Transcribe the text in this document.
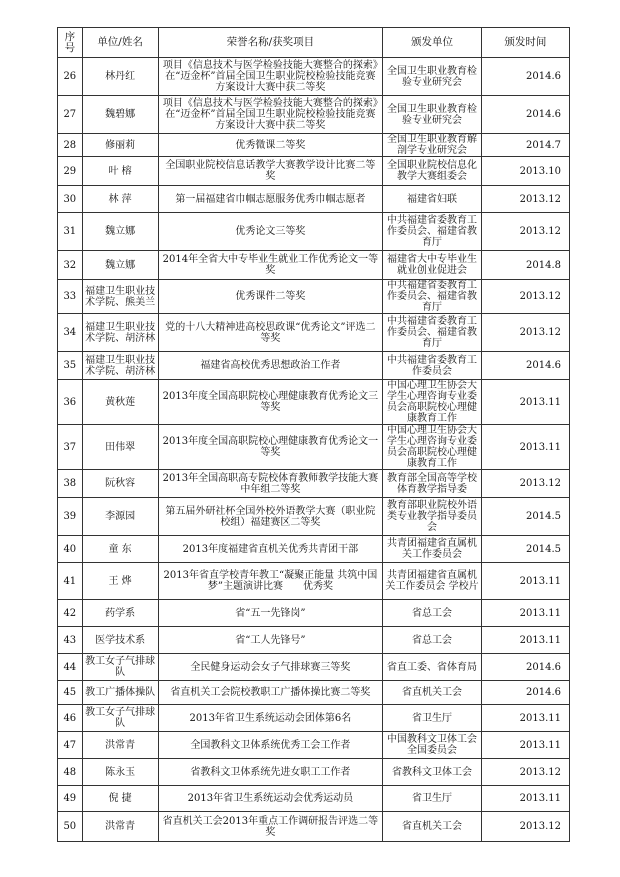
序号	单位/姓名	荣誉名称/获奖项目	颁发单位	颁发时间
26	林丹红	项目《信息技术与医学检验技能大赛整合的探索》在“迈金杯”首届全国卫生职业院校检验技能竞赛方案设计大赛中获二等奖	全国卫生职业教育检验专业研究会	2014.6
27	魏碧娜	项目《信息技术与医学检验技能大赛整合的探索》在“迈金杯”首届全国卫生职业院校检验技能竞赛方案设计大赛中获二等奖	全国卫生职业教育检验专业研究会	2014.6
28	修丽莉	优秀微课二等奖	全国卫生职业教育解剖学专业研究会	2014.7
29	叶 榕	全国职业院校信息话教学大赛教学设计比赛二等奖	全国职业院校信息化教学大赛组委会	2013.10
30	林 萍	第一届福建省巾帼志愿服务优秀巾帼志愿者	福建省妇联	2013.12
31	魏立娜	优秀论文三等奖	中共福建省委教育工作委员会、福建省教育厅	2013.12
32	魏立娜	2014年全省大中专毕业生就业工作优秀论文一等奖	福建省大中专毕业生就业创业促进会	2014.8
33	福建卫生职业技术学院、熊美兰	优秀课件二等奖	中共福建省委教育工作委员会、福建省教育厅	2013.12
34	福建卫生职业技术学院、胡济林	党的十八大精神进高校思政课“优秀论文”评选二等奖	中共福建省委教育工作委员会、福建省教育厅	2013.12
35	福建卫生职业技术学院、胡济林	福建省高校优秀思想政治工作者	中共福建省委教育工作委员会	2014.6
36	黄秋莲	2013年度全国高职院校心理健康教育优秀论文三等奖	中国心理卫生协会大学生心理咨询专业委员会高职院校心理健康教育工作	2013.11
37	田伟翠	2013年度全国高职院校心理健康教育优秀论文一等奖	中国心理卫生协会大学生心理咨询专业委员会高职院校心理健康教育工作	2013.11
38	阮秋容	2013年全国高职高专院校体育教师教学技能大赛中年组二等奖	教育部全国高等学校体育教学指导委	2013.12
39	李源园	第五届外研社杯全国外校外语教学大赛（职业院校组）福建赛区二等奖	教育部职业院校外语类专业教学指导委员会	2014.5
40	童 东	2013年度福建省直机关优秀共青团干部	共青团福建省直属机关工作委员会	2014.5
41	王 烨	2013年省直学校青年教工“凝聚正能量 共筑中国梦”主题演讲比赛　　优秀奖	共青团福建省直属机关工作委员会 学校片	2013.11
42	药学系	省“五一先锋岗”	省总工会	2013.11
43	医学技术系	省“工人先锋号”	省总工会	2013.11
44	教工女子气排球队	全民健身运动会女子气排球赛三等奖	省直工委、省体育局	2014.6
45	教工广播体操队	省直机关工会院校教职工广播体操比赛二等奖	省直机关工会	2014.6
46	教工女子气排球队	2013年省卫生系统运动会团体第6名	省卫生厅	2013.11
47	洪常青	全国教科文卫体系统优秀工会工作者	中国教科文卫体工会全国委员会	2013.11
48	陈永玉	省教科文卫体系统先进女职工工作者	省教科文卫体工会	2013.12
49	倪 捷	2013年省卫生系统运动会优秀运动员	省卫生厅	2013.11
50	洪常青	省直机关工会2013年重点工作调研报告评选二等奖	省直机关工会	2013.12
